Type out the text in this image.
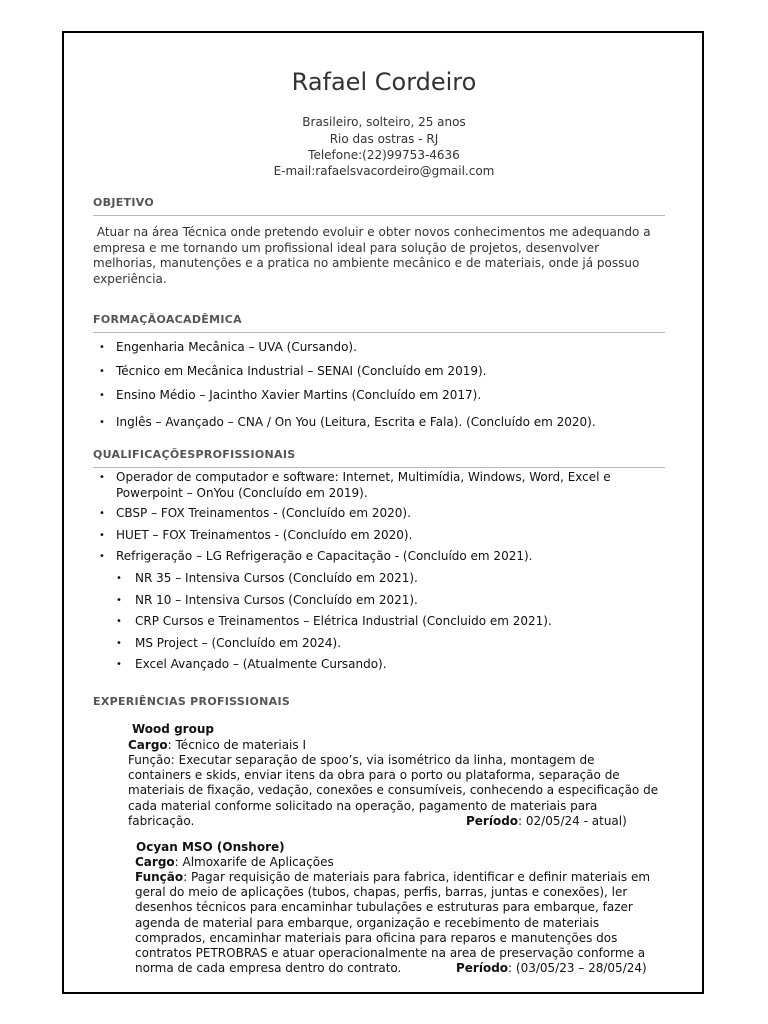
Rafael Cordeiro
Brasileiro, solteiro, 25 anos
Rio das ostras - RJ
Telefone:(22)99753-4636
E-mail:rafaelsvacordeiro@gmail.com
OBJETIVO
Atuar na área Técnica onde pretendo evoluir e obter novos conhecimentos me adequando a
empresa e me tornando um profissional ideal para solução de projetos, desenvolver
melhorias, manutenções e a pratica no ambiente mecânico e de materiais, onde já possuo
experiência.
FORMAÇÃOACADÊMICA
• Engenharia Mecânica – UVA (Cursando).
• Técnico em Mecânica Industrial – SENAI (Concluído em 2019).
• Ensino Médio – Jacintho Xavier Martins (Concluído em 2017).
• Inglês – Avançado – CNA / On You (Leitura, Escrita e Fala). (Concluído em 2020).
QUALIFICAÇÕESPROFISSIONAIS
• Operador de computador e software: Internet, Multimídia, Windows, Word, Excel e
Powerpoint – OnYou (Concluído em 2019).
• CBSP – FOX Treinamentos - (Concluído em 2020).
• HUET – FOX Treinamentos - (Concluído em 2020).
• Refrigeração – LG Refrigeração e Capacitação - (Concluído em 2021).
• NR 35 – Intensiva Cursos (Concluído em 2021).
• NR 10 – Intensiva Cursos (Concluído em 2021).
• CRP Cursos e Treinamentos – Elétrica Industrial (Concluido em 2021).
• MS Project – (Concluído em 2024).
• Excel Avançado – (Atualmente Cursando).
EXPERIÊNCIAS PROFISSIONAIS
Wood group
Cargo: Técnico de materiais I
Função: Executar separação de spoo’s, via isométrico da linha, montagem de
containers e skids, enviar itens da obra para o porto ou plataforma, separação de
materiais de fixação, vedação, conexões e consumíveis, conhecendo a especificação de
cada material conforme solicitado na operação, pagamento de materiais para
fabricação.	Período: 02/05/24 - atual)
Ocyan MSO (Onshore)
Cargo: Almoxarife de Aplicações
Função: Pagar requisição de materiais para fabrica, identificar e definir materiais em
geral do meio de aplicações (tubos, chapas, perfis, barras, juntas e conexões), ler
desenhos técnicos para encaminhar tubulações e estruturas para embarque, fazer
agenda de material para embarque, organização e recebimento de materiais
comprados, encaminhar materiais para oficina para reparos e manutenções dos
contratos PETROBRAS e atuar operacionalmente na area de preservação conforme a
norma de cada empresa dentro do contrato.	Período: (03/05/23 – 28/05/24)
